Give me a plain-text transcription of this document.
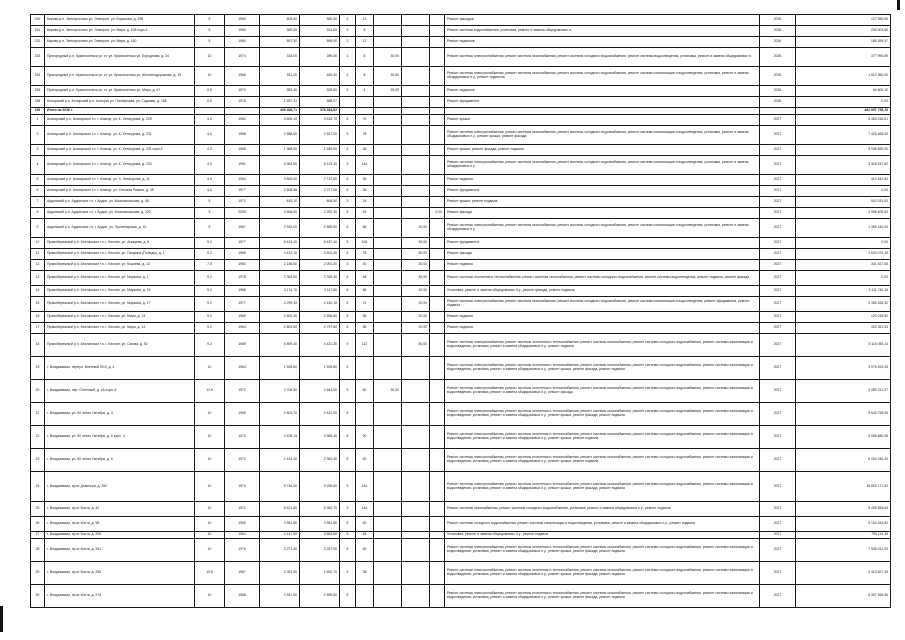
230	Кирово-р.п. Электросталь ул. Электрон. ул. Борисова, д. 298	5	1960	605,60	560,30	2	12				Ремонт фасадов	2026	127 550,50
231	Кирово-р.п. Электросталь ул. Электрон, ул. Мира, д. 108 корп.2	5	1960	369,50	331,60	2	8				Ремонт системы водоснабжения, установка, ремонт и замена общедомовых п.	2026	230 003,60
232	Кирово-р.п. Электросталь ул. Электрон, ул. Мира, д. 160	5	1960	597,30	595,00	2	12				Ремонт подвалов	2026	165 399,47
233	Пригородный р-н. Красносельск ул. ст. ул. Красносельск ул. Бороднова, д. 24	10	1973	318,00	289,30	1	8	30,00			Ремонт системы электроснабжения, ремонт системы газоснабжения, ремонт системы холодного водоснабжения, ремонт системы водоотведения, установка, ремонт и замена общедомовых п.	2026	377 990,89
234	Пригородный р-н. Красносельск ул. ст. ул. Красносельск ул. Железнодорожная, д. 19	10	1966	511,20	469,30	2	8	30,00			Ремонт системы электроснабжения, ремонт системы газоснабжения, ремонт системы холодного водоснабжения, ремонт системы канализации и водоотведения, установка, ремонт и замена общедомовых п.у., ремонт подвалов	2026	1 512 960,00
235	Пригородный р-н. Красносельск ул. ст. ул. Красносельск ул. Мира, д. 67	0.5	1973	353,30	339,50	2	4	25,00			Ремонт подвалов	2026	44 600,10
236	Ахтырский р-н. Ахтырский р-н. Ахтырск ул. Пионерская, ул. Садовая, д. 186	0.5	1978	1 597,31	588,07						Ремонт фундамента	2026	0,00
236	Итого на 2026 г.			426 408,71	376 284,82								462 997 755,76
1	Алагирский р-н. Алагирское г.п. г. Алагир, ул. К. Хетагурова, д. 229	4.5	1962	3 609,10	3 515,70	5	70				Ремонт крыши	2027	5 454 218,61
2	Алагирский р-н. Алагирское г.п. г. Алагир, ул. К. Хетагурова, д. 231	4.5	1968	2 588,60	2 537,00	5	78				Ремонт системы электроснабжения, ремонт системы газоснабжения, ремонт системы холодного водоснабжения, ремонт системы канализации и водоотведения, установка, ремонт и замена общедомовых п.у., ремонт крыши, ремонт фасада	2027	7 429 465,00
3	Алагирский р-н. Алагирское г.п. г. Алагир, ул. К. Хетагурова, д. 231 корп.5	4.5	1968	1 968,00	1 849,00	6	36				Ремонт крыши, ремонт фасада, ремонт подвала	2027	5 035 690,00
4	Алагирский р-н. Алагирское г.п. г. Алагир, ул. К. Хетагурова, д. 233	4.5	1991	9 363,50	6 123,30	9	144				Ремонт системы электроснабжения, ремонт системы газоснабжения, ремонт системы холодного водоснабжения, ремонт системы канализации и водоотведения, установка, ремонт и замена общедомовых п.у.	2027	3 318 157,62
5	Алагирский р-н. Алагирское г.п. г. Алагир, ул. Х. Хетагурова, д. 11	4.5	1964	3 600,00	2 712,50	6	36				Ремонт подвала	2027	412 642,50
6	Алагирский р-н. Алагирское г.п. г. Алагир, ул. Степана Разина, д. 45	4.5	1977	2 508,56	2 377,60	6	36				Ремонт фундамента	2027	0,00
7	Ардонский р-н. Ардонское г.п. г. Ардон, ул. Комсомольская, д. 48	5	1972	615,10	606,50	3	24				Ремонт крыши, ремонт подвала	2027	902 031,00
8	Ардонский р-н. Ардонское г.п. г. Ардон, ул. Комсомольская, д. 120	5	2000	3 506,00	2 252,40	5	45			0,00	Ремонт фасада	2027	4 998 405,64
9	Ардонский р-н. Ардонское г.п. г. Ардон, ул. Пролетарская, д. 10	5	1967	2 932,00	2 869,60	6	66		20,00		Ремонт системы электроснабжения, ремонт системы газоснабжения, ремонт системы холодного водоснабжения, ремонт системы канализации и водоотведения, установка, ремонт и замена общедомовых п.у.	2027	1 389 440,00
10	Правобережный р-н. Бесланское г.п. г. Беслан, ул. Агкацева, д. 6	9.2	1977	5 424,20	5 437,40	5	100		30,00		Ремонт фундамента	2027	0,00
11	Правобережный р-н. Бесланское г.п. г. Беслан, ул. Гагарина (Победы), д. 1	9.2	1969	4 412,10	3 601,40	5	78		50,00		Ремонт фасада	2027	1 643 074,16
12	Правобережный р-н. Бесланское г.п. г. Беслан, ул. Коцоева, д. 14	7.5	1964	2 158,50	2 051,30	3	40		20,00		Ремонт подвала	2027	341 527,55
13	Правобережный р-н. Бесланское г.п. г. Беслан, ул. Маркова, д. 1	9.2	1978	2 354,50	2 339,40	6	48		30,00		Ремонт системы отопления и теплоснабжения, ремонт системы газоснабжения, ремонт системы холодного водоснабжения, ремонт системы водоотведения, ремонт подвала, ремонт фасада	2027	0,00
14	Правобережный р-н. Бесланское г.п. г. Беслан, ул. Маркова, д. 15	9.2	1968	3 174,70	4 117,80	6	66		20,00		Установка, ремонт и замена общедомовых п.у., ремонт фасада, ремонт подвала	2027	2 411 740,18
15	Правобережный р-н. Бесланское г.п. г. Беслан, ул. Маркова, д. 17	9.2	1977	4 299,30	4 140,10	5	74		20,00		Ремонт системы электроснабжения, ремонт системы газоснабжения, ремонт системы холодного водоснабжения, ремонт системы канализации и водоотведения, ремонт фундамента, ремонт подвала	2027	2 355 526,32
16	Правобережный р-н. Бесланское г.п. г. Беслан, ул. Мира, д. 13	9.2	1969	2 602,40	2 556,60	5	56		20,00		Ремонт подвала	2027	120 018,50
17	Правобережный р-н. Бесланское г.п. г. Беслан, ул. Мира, д. 14	9.2	1964	2 803,50	2 797,80	5	56		20,00		Ремонт подвала	2027	403 351,53
18	Правобережный р-н. Бесланское г.п. г. Беслан, ул. Сигова, д. 52	9.2	1969	6 899,40	4 421,30	9	112		50,00		Ремонт системы электроснабжения, ремонт системы отопления и теплоснабжения, ремонт системы газоснабжения, ремонт системы холодного водоснабжения, ремонт системы канализации и водоотведения, установка, ремонт и замена общедомовых п.у., ремонт подвала	2027	5 116 059,14
19	г. Владикавказ, переул. Военный 29-й, д. 4	10	1964	1 535,60	1 535,80	2					Ремонт системы электроснабжения, ремонт системы отопления и теплоснабжения, ремонт системы газоснабжения, ремонт системы холодного водоснабжения, ремонт системы канализации и водоотведения, установка, ремонт и замена общедомовых п.у., ремонт крыши, ремонт фасада, ремонт подвала	2027	3 976 493,35
20	г. Владикавказ, пер. Огненный, д. 18 корп. 6	12.5	1972	2 706,50	2 643,90	5	60	30,00			Ремонт системы электроснабжения, ремонт системы отопления и теплоснабжения, ремонт системы газоснабжения, ремонт системы холодного водоснабжения, ремонт системы канализации и водоотведения, установка, ремонт и замена общедомовых п.у., ремонт фасада	2027	3 389 221,57
21	г. Владикавказ, ул. 50 летия Октября, д. 4	10	1969	2 603,70	2 612,90	5					Ремонт системы электроснабжения, ремонт системы отопления и теплоснабжения, ремонт системы газоснабжения, ремонт системы холодного водоснабжения, ремонт системы канализации и водоотведения, установка, ремонт и замена общедомовых п.у., ремонт крыши, ремонт фасада, ремонт подвала	2027	5 643 798,95
22	г. Владикавказ, ул. 50 летия Октября, д. 6 корп. 4	10	1973	4 108,14	3 989,40	6	90				Ремонт системы электроснабжения, ремонт системы отопления и теплоснабжения, ремонт системы газоснабжения, ремонт системы холодного водоснабжения, ремонт системы канализации и водоотведения, установка, ремонт и замена общедомовых п.у., ремонт крыши, ремонт подвала	2027	5 095 680,58
23	г. Владикавказ, ул. 50 летия Октября, д. 6	10	1972	2 414,40	2 382,40	5	60				Ремонт системы электроснабжения, ремонт системы отопления и теплоснабжения, ремонт системы газоснабжения, ремонт системы холодного водоснабжения, ремонт системы канализации и водоотведения, установка, ремонт и замена общедомовых п.у., ремонт крыши, ремонт подвала	2027	6 004 246,40
24	г. Владикавказ, пр-кт Доватора, д. 252	10	1974	9 746,00	9 255,80	9	144				Ремонт системы электроснабжения, ремонт системы отопления и теплоснабжения, ремонт системы газоснабжения, ремонт системы холодного водоснабжения, ремонт системы канализации и водоотведения, установка, ремонт и замена общедомовых п.у., ремонт крыши, ремонт фасада, ремонт подвала	2027	18 653 171,62
25	г. Владикавказ, пр-кт Коста, д. 42	10	1971	5 421,80	5 362,70	9	144				Ремонт системы газоснабжения, ремонт системы холодного водоснабжения, установка, ремонт и замена общедомовых п.у., ремонт подвала	2027	5 455 553,64
26	г. Владикавказ, пр-кт Коста, д. 98	10	1969	3 561,80	3 561,80	5	60				Ремонт системы холодного водоснабжения, ремонт системы канализации и водоотведения, установка, ремонт и замена общедомовых п.у., ремонт подвала	2027	5 194 494,82
27	г. Владикавказ, пр-кт Коста, д. 208	10	1964	4 147,80	3 863,80	5	84				Установка, ремонт и замена общедомовых п.у., ремонт подвала	2027	796 114,36
28	г. Владикавказ, пр-кт Коста, д. 261	10	1976	3 271,40	3 257,90	5	60				Ремонт системы электроснабжения, ремонт системы отопления и теплоснабжения, ремонт системы газоснабжения, ремонт системы холодного водоснабжения, ремонт системы канализации и водоотведения, установка, ремонт и замена общедомовых п.у., ремонт крыши, ремонт фасада, ремонт подвала	2027	7 535 012,00
29	г. Владикавказ, пр-кт Коста, д. 265	10.5	1967	2 051,50	1 692,70	2	38				Ремонт системы электроснабжения, ремонт системы отопления и теплоснабжения, ремонт системы газоснабжения, ремонт системы холодного водоснабжения, ремонт системы канализации и водоотведения, установка, ремонт и замена общедомовых п.у., ремонт крыши, ремонт фасада, ремонт подвала	2027	2 413 627,35
30	г. Владикавказ, пр-кт Коста, д. 274	10	1968	4 541,50	2 599,50	5					Ремонт системы электроснабжения, ремонт системы отопления и теплоснабжения, ремонт системы газоснабжения, ремонт системы холодного водоснабжения, ремонт системы канализации и водоотведения, установка, ремонт и замена общедомовых п.у., ремонт крыши, ремонт фасада, ремонт подвала	2027	6 357 526,56
